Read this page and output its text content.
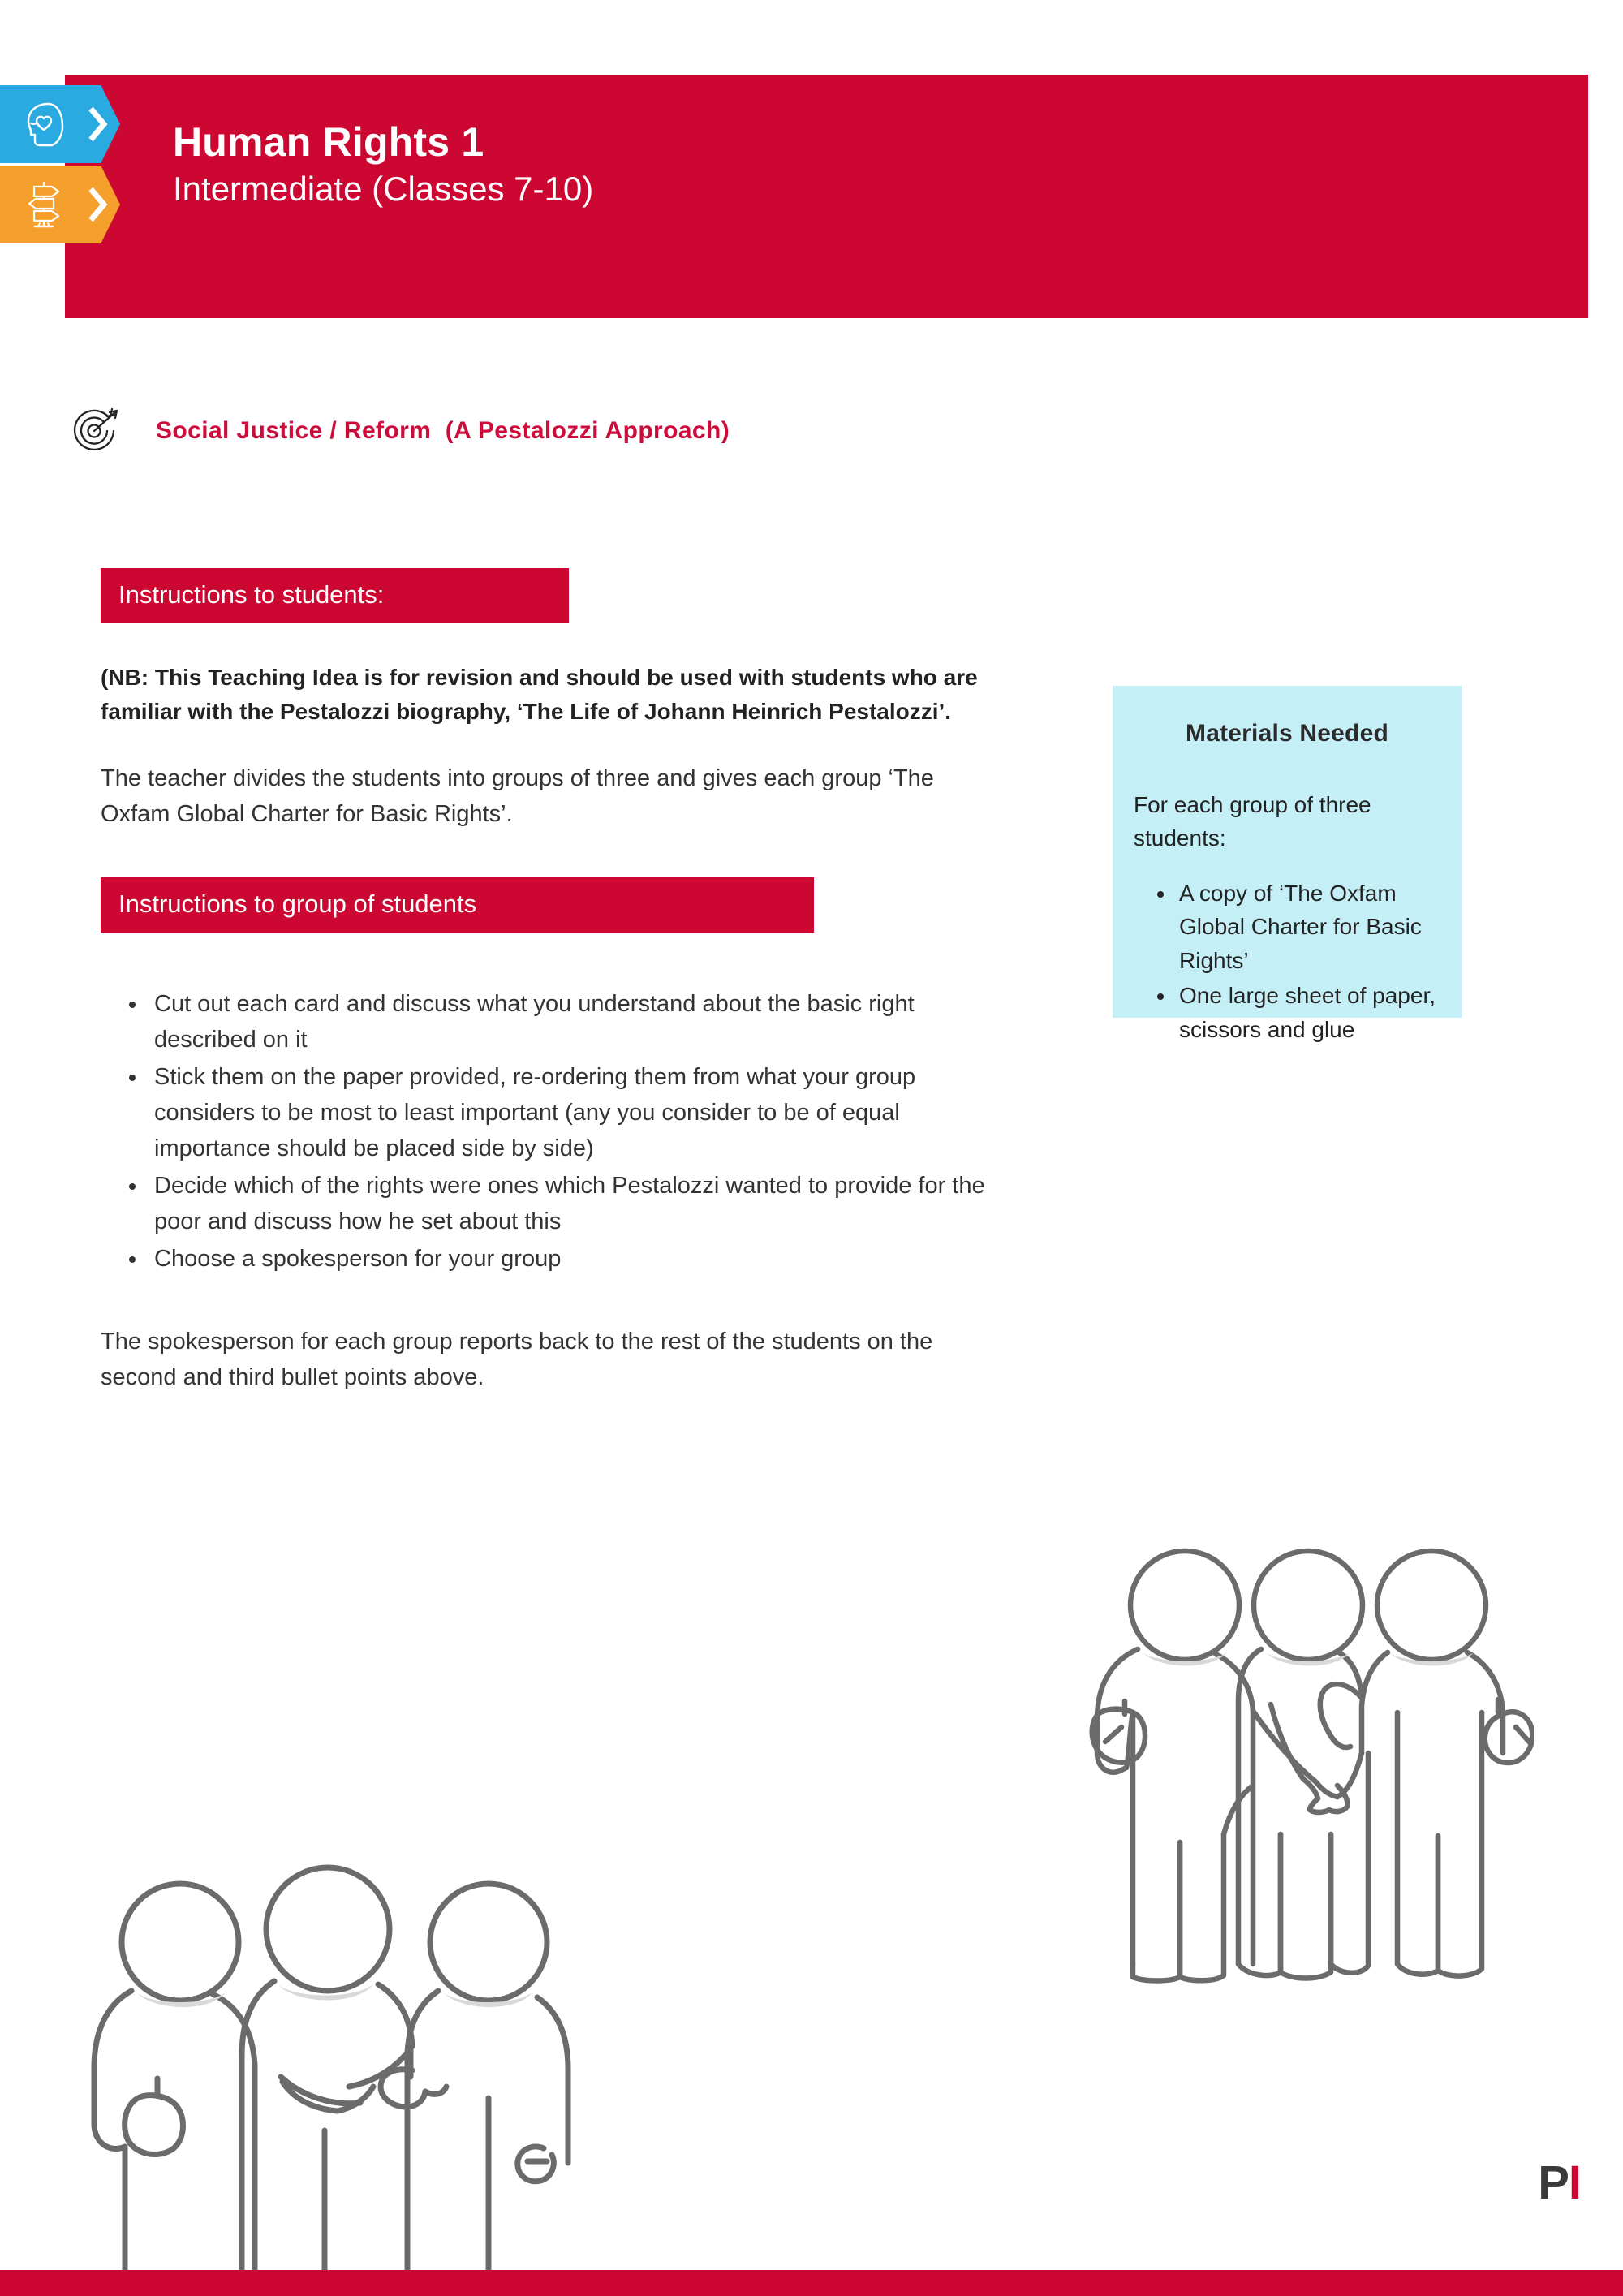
Human Rights 1
Intermediate (Classes 7-10)
Social Justice / Reform  (A Pestalozzi Approach)
Instructions to students:

(NB: This Teaching Idea is for revision and should be used with students who are familiar with the Pestalozzi biography, ‘The Life of Johann Heinrich Pestalozzi’.

The teacher divides the students into groups of three and gives each group ‘The Oxfam Global Charter for Basic Rights’.

Instructions to group of students
• Cut out each card and discuss what you understand about the basic right described on it
• Stick them on the paper provided, re-ordering them from what your group considers to be most to least important (any you consider to be of equal importance should be placed side by side)
• Decide which of the rights were ones which Pestalozzi wanted to provide for the poor and discuss how he set about this
• Choose a spokesperson for your group

The spokesperson for each group reports back to the rest of the students on the second and third bullet points above.

Materials Needed
For each group of three students:
• A copy of ‘The Oxfam Global Charter for Basic Rights’
• One large sheet of paper, scissors and glue
PI
